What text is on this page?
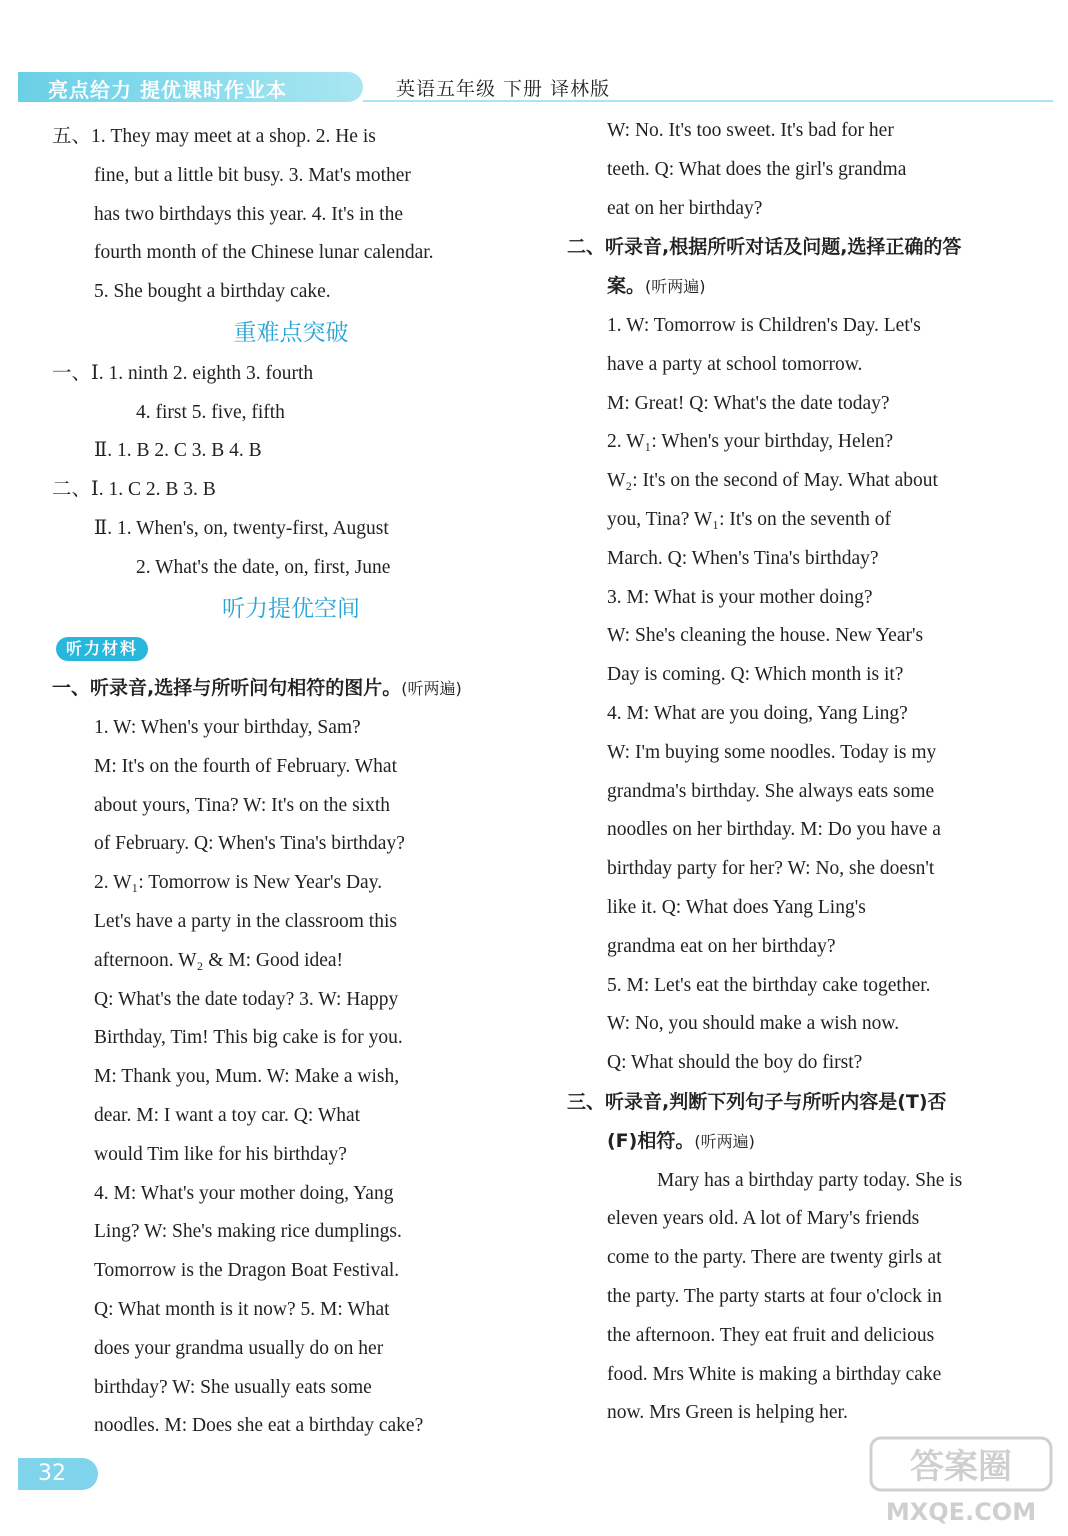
亮点给力 提优课时作业本	英语五年级 下册 译林版

五、1. They may meet at a shop. 2. He is

fine, but a little bit busy. 3. Mat's mother

has two birthdays this year. 4. It's in the

fourth month of the Chinese lunar calendar.

5. She bought a birthday cake.

重难点突破

一、Ⅰ. 1. ninth 2. eighth 3. fourth

4. first 5. five, fifth

Ⅱ. 1. B 2. C 3. B 4. B

二、Ⅰ. 1. C 2. B 3. B

Ⅱ. 1. When's, on, twenty-first, August

2. What's the date, on, first, June

听力提优空间

听力材料

一、听录音,选择与所听问句相符的图片。(听两遍)

1. W: When's your birthday, Sam?

M: It's on the fourth of February. What

about yours, Tina? W: It's on the sixth

of February. Q: When's Tina's birthday?

2. W₁: Tomorrow is New Year's Day.

Let's have a party in the classroom this

afternoon. W₂ & M: Good idea!

Q: What's the date today? 3. W: Happy

Birthday, Tim! This big cake is for you.

M: Thank you, Mum. W: Make a wish,

dear. M: I want a toy car. Q: What

would Tim like for his birthday?

4. M: What's your mother doing, Yang

Ling? W: She's making rice dumplings.

Tomorrow is the Dragon Boat Festival.

Q: What month is it now? 5. M: What

does your grandma usually do on her

birthday? W: She usually eats some

noodles. M: Does she eat a birthday cake?

W: No. It's too sweet. It's bad for her

teeth. Q: What does the girl's grandma

eat on her birthday?

二、听录音,根据所听对话及问题,选择正确的答

案。(听两遍)

1. W: Tomorrow is Children's Day. Let's

have a party at school tomorrow.

M: Great! Q: What's the date today?

2. W₁: When's your birthday, Helen?

W₂: It's on the second of May. What about

you, Tina? W₁: It's on the seventh of

March. Q: When's Tina's birthday?

3. M: What is your mother doing?

W: She's cleaning the house. New Year's

Day is coming. Q: Which month is it?

4. M: What are you doing, Yang Ling?

W: I'm buying some noodles. Today is my

grandma's birthday. She always eats some

noodles on her birthday. M: Do you have a

birthday party for her? W: No, she doesn't

like it. Q: What does Yang Ling's

grandma eat on her birthday?

5. M: Let's eat the birthday cake together.

W: No, you should make a wish now.

Q: What should the boy do first?

三、听录音,判断下列句子与所听内容是(T)否

(F)相符。(听两遍)

Mary has a birthday party today. She is

eleven years old. A lot of Mary's friends

come to the party. There are twenty girls at

the party. The party starts at four o'clock in

the afternoon. They eat fruit and delicious

food. Mrs White is making a birthday cake

now. Mrs Green is helping her.

32	答案圈
MXQE.COM
